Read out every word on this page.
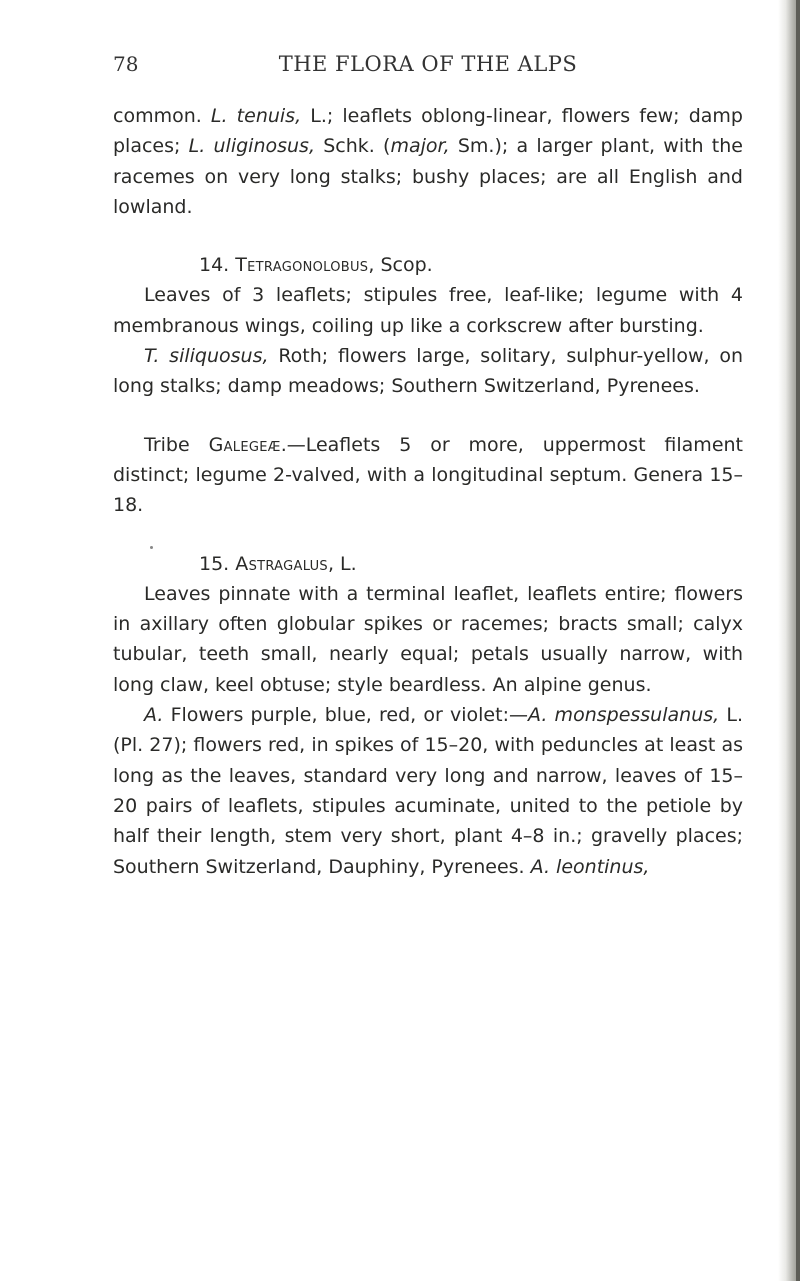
78	THE FLORA OF THE ALPS

common. L. tenuis, L.; leaflets oblong-linear, flowers few; damp places; L. uliginosus, Schk. (major, Sm.); a larger plant, with the racemes on very long stalks; bushy places; are all English and lowland.

14. Tetragonolobus, Scop.

Leaves of 3 leaflets; stipules free, leaf-like; legume with 4 membranous wings, coiling up like a corkscrew after bursting.

T. siliquosus, Roth; flowers large, solitary, sulphur-yellow, on long stalks; damp meadows; Southern Switzerland, Pyrenees.

Tribe Galegeæ.—Leaflets 5 or more, uppermost filament distinct; legume 2-valved, with a longitudinal septum. Genera 15–18.

15. Astragalus, L.

Leaves pinnate with a terminal leaflet, leaflets entire; flowers in axillary often globular spikes or racemes; bracts small; calyx tubular, teeth small, nearly equal; petals usually narrow, with long claw, keel obtuse; style beardless. An alpine genus.

A. Flowers purple, blue, red, or violet:—A. monspessulanus, L. (Pl. 27); flowers red, in spikes of 15–20, with peduncles at least as long as the leaves, standard very long and narrow, leaves of 15–20 pairs of leaflets, stipules acuminate, united to the petiole by half their length, stem very short, plant 4–8 in.; gravelly places; Southern Switzerland, Dauphiny, Pyrenees. A. leontinus,
